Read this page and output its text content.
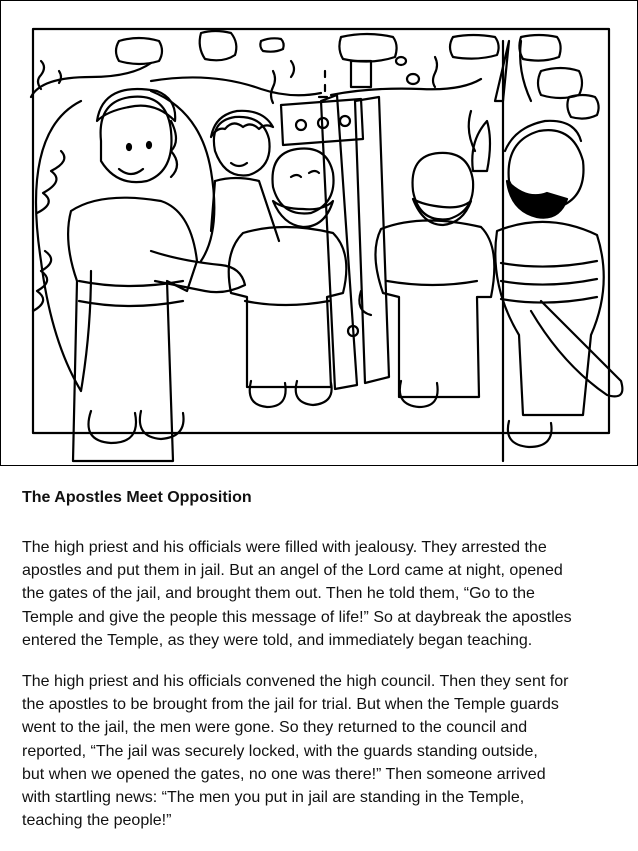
The Apostles Meet Opposition

The high priest and his officials were filled with jealousy. They arrested the
apostles and put them in jail. But an angel of the Lord came at night, opened
the gates of the jail, and brought them out. Then he told them, “Go to the
Temple and give the people this message of life!” So at daybreak the apostles
entered the Temple, as they were told, and immediately began teaching.

The high priest and his officials convened the high council. Then they sent for
the apostles to be brought from the jail for trial. But when the Temple guards
went to the jail, the men were gone. So they returned to the council and
reported, “The jail was securely locked, with the guards standing outside,
but when we opened the gates, no one was there!” Then someone arrived
with startling news: “The men you put in jail are standing in the Temple,
teaching the people!”
